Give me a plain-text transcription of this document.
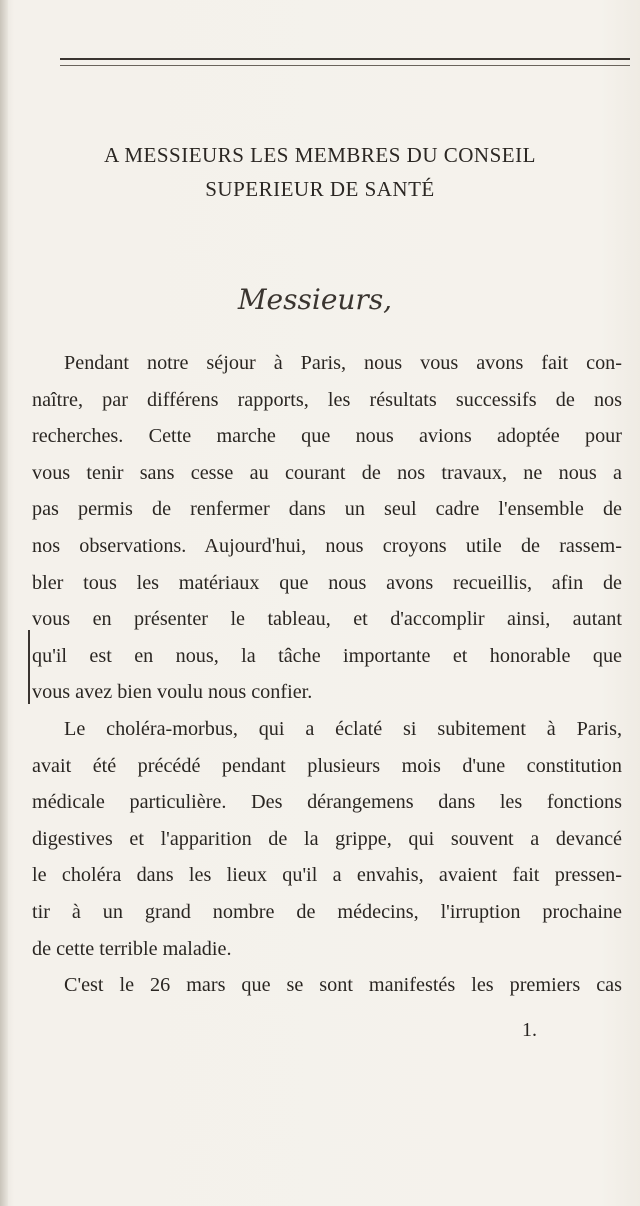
A MESSIEURS LES MEMBRES DU CONSEIL
SUPERIEUR DE SANTÉ
Messieurs,
Pendant notre séjour à Paris, nous vous avons fait con-
naître, par différens rapports, les résultats successifs de nos
recherches. Cette marche que nous avions adoptée pour
vous tenir sans cesse au courant de nos travaux, ne nous a
pas permis de renfermer dans un seul cadre l'ensemble de
nos observations. Aujourd'hui, nous croyons utile de rassem-
bler tous les matériaux que nous avons recueillis, afin de
vous en présenter le tableau, et d'accomplir ainsi, autant
qu'il est en nous, la tâche importante et honorable que
vous avez bien voulu nous confier.
Le choléra-morbus, qui a éclaté si subitement à Paris,
avait été précédé pendant plusieurs mois d'une constitution
médicale particulière. Des dérangemens dans les fonctions
digestives et l'apparition de la grippe, qui souvent a devancé
le choléra dans les lieux qu'il a envahis, avaient fait pressen-
tir à un grand nombre de médecins, l'irruption prochaine
de cette terrible maladie.
C'est le 26 mars que se sont manifestés les premiers cas
1.
